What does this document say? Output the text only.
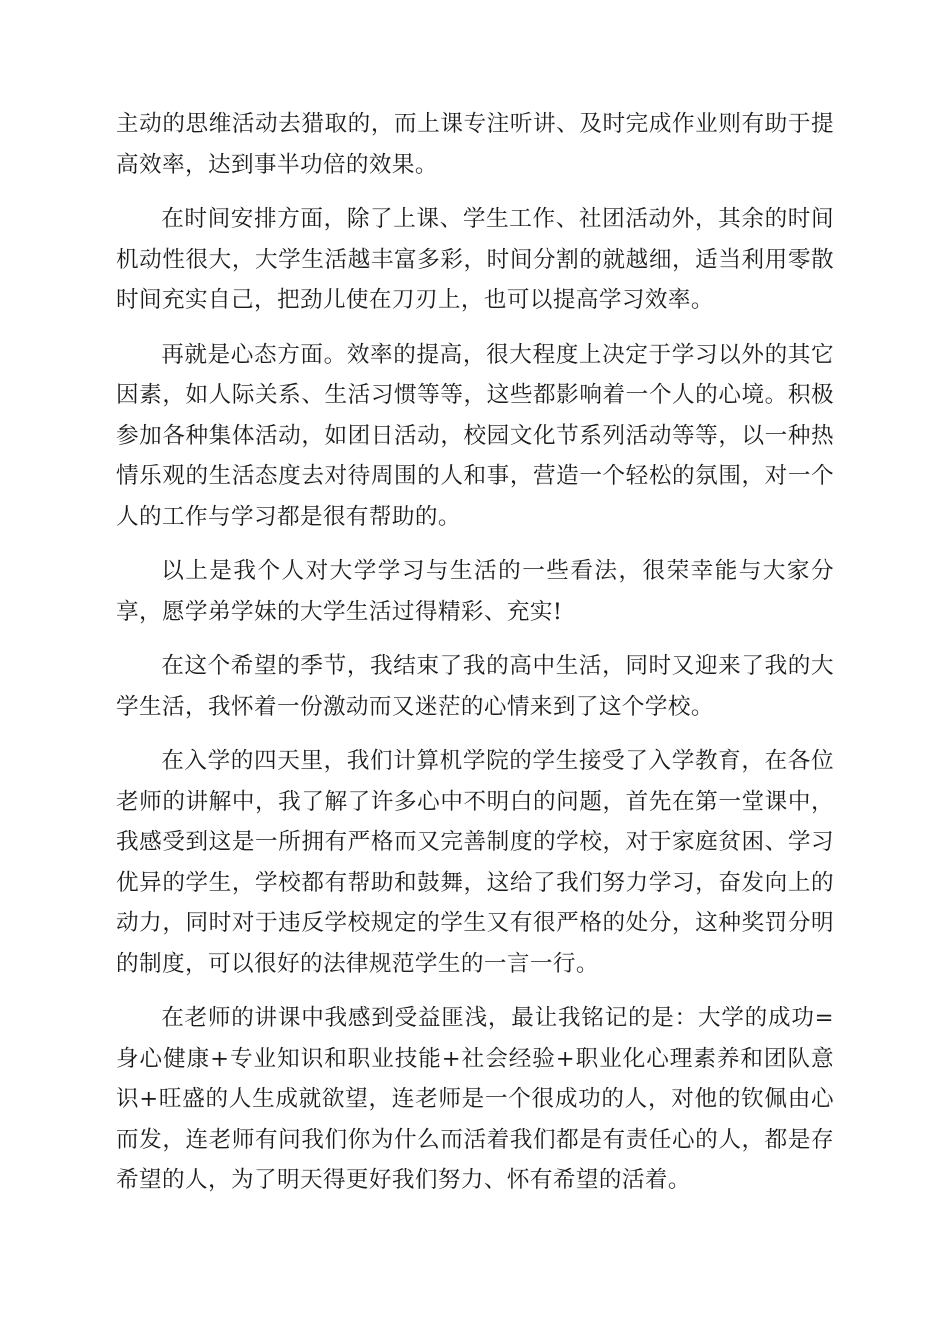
主动的思维活动去猎取的，而上课专注听讲、及时完成作业则有助于提高效率，达到事半功倍的效果。

在时间安排方面，除了上课、学生工作、社团活动外，其余的时间机动性很大，大学生活越丰富多彩，时间分割的就越细，适当利用零散时间充实自己，把劲儿使在刀刃上，也可以提高学习效率。

再就是心态方面。效率的提高，很大程度上决定于学习以外的其它因素，如人际关系、生活习惯等等，这些都影响着一个人的心境。积极参加各种集体活动，如团日活动，校园文化节系列活动等等，以一种热情乐观的生活态度去对待周围的人和事，营造一个轻松的氛围，对一个人的工作与学习都是很有帮助的。

以上是我个人对大学学习与生活的一些看法，很荣幸能与大家分享，愿学弟学妹的大学生活过得精彩、充实!

在这个希望的季节，我结束了我的高中生活，同时又迎来了我的大学生活，我怀着一份激动而又迷茫的心情来到了这个学校。

在入学的四天里，我们计算机学院的学生接受了入学教育，在各位老师的讲解中，我了解了许多心中不明白的问题，首先在第一堂课中，我感受到这是一所拥有严格而又完善制度的学校，对于家庭贫困、学习优异的学生，学校都有帮助和鼓舞，这给了我们努力学习，奋发向上的动力，同时对于违反学校规定的学生又有很严格的处分，这种奖罚分明的制度，可以很好的法律规范学生的一言一行。

在老师的讲课中我感到受益匪浅，最让我铭记的是：大学的成功=身心健康+专业知识和职业技能+社会经验+职业化心理素养和团队意识+旺盛的人生成就欲望，连老师是一个很成功的人，对他的钦佩由心而发，连老师有问我们你为什么而活着我们都是有责任心的人，都是存希望的人，为了明天得更好我们努力、怀有希望的活着。
